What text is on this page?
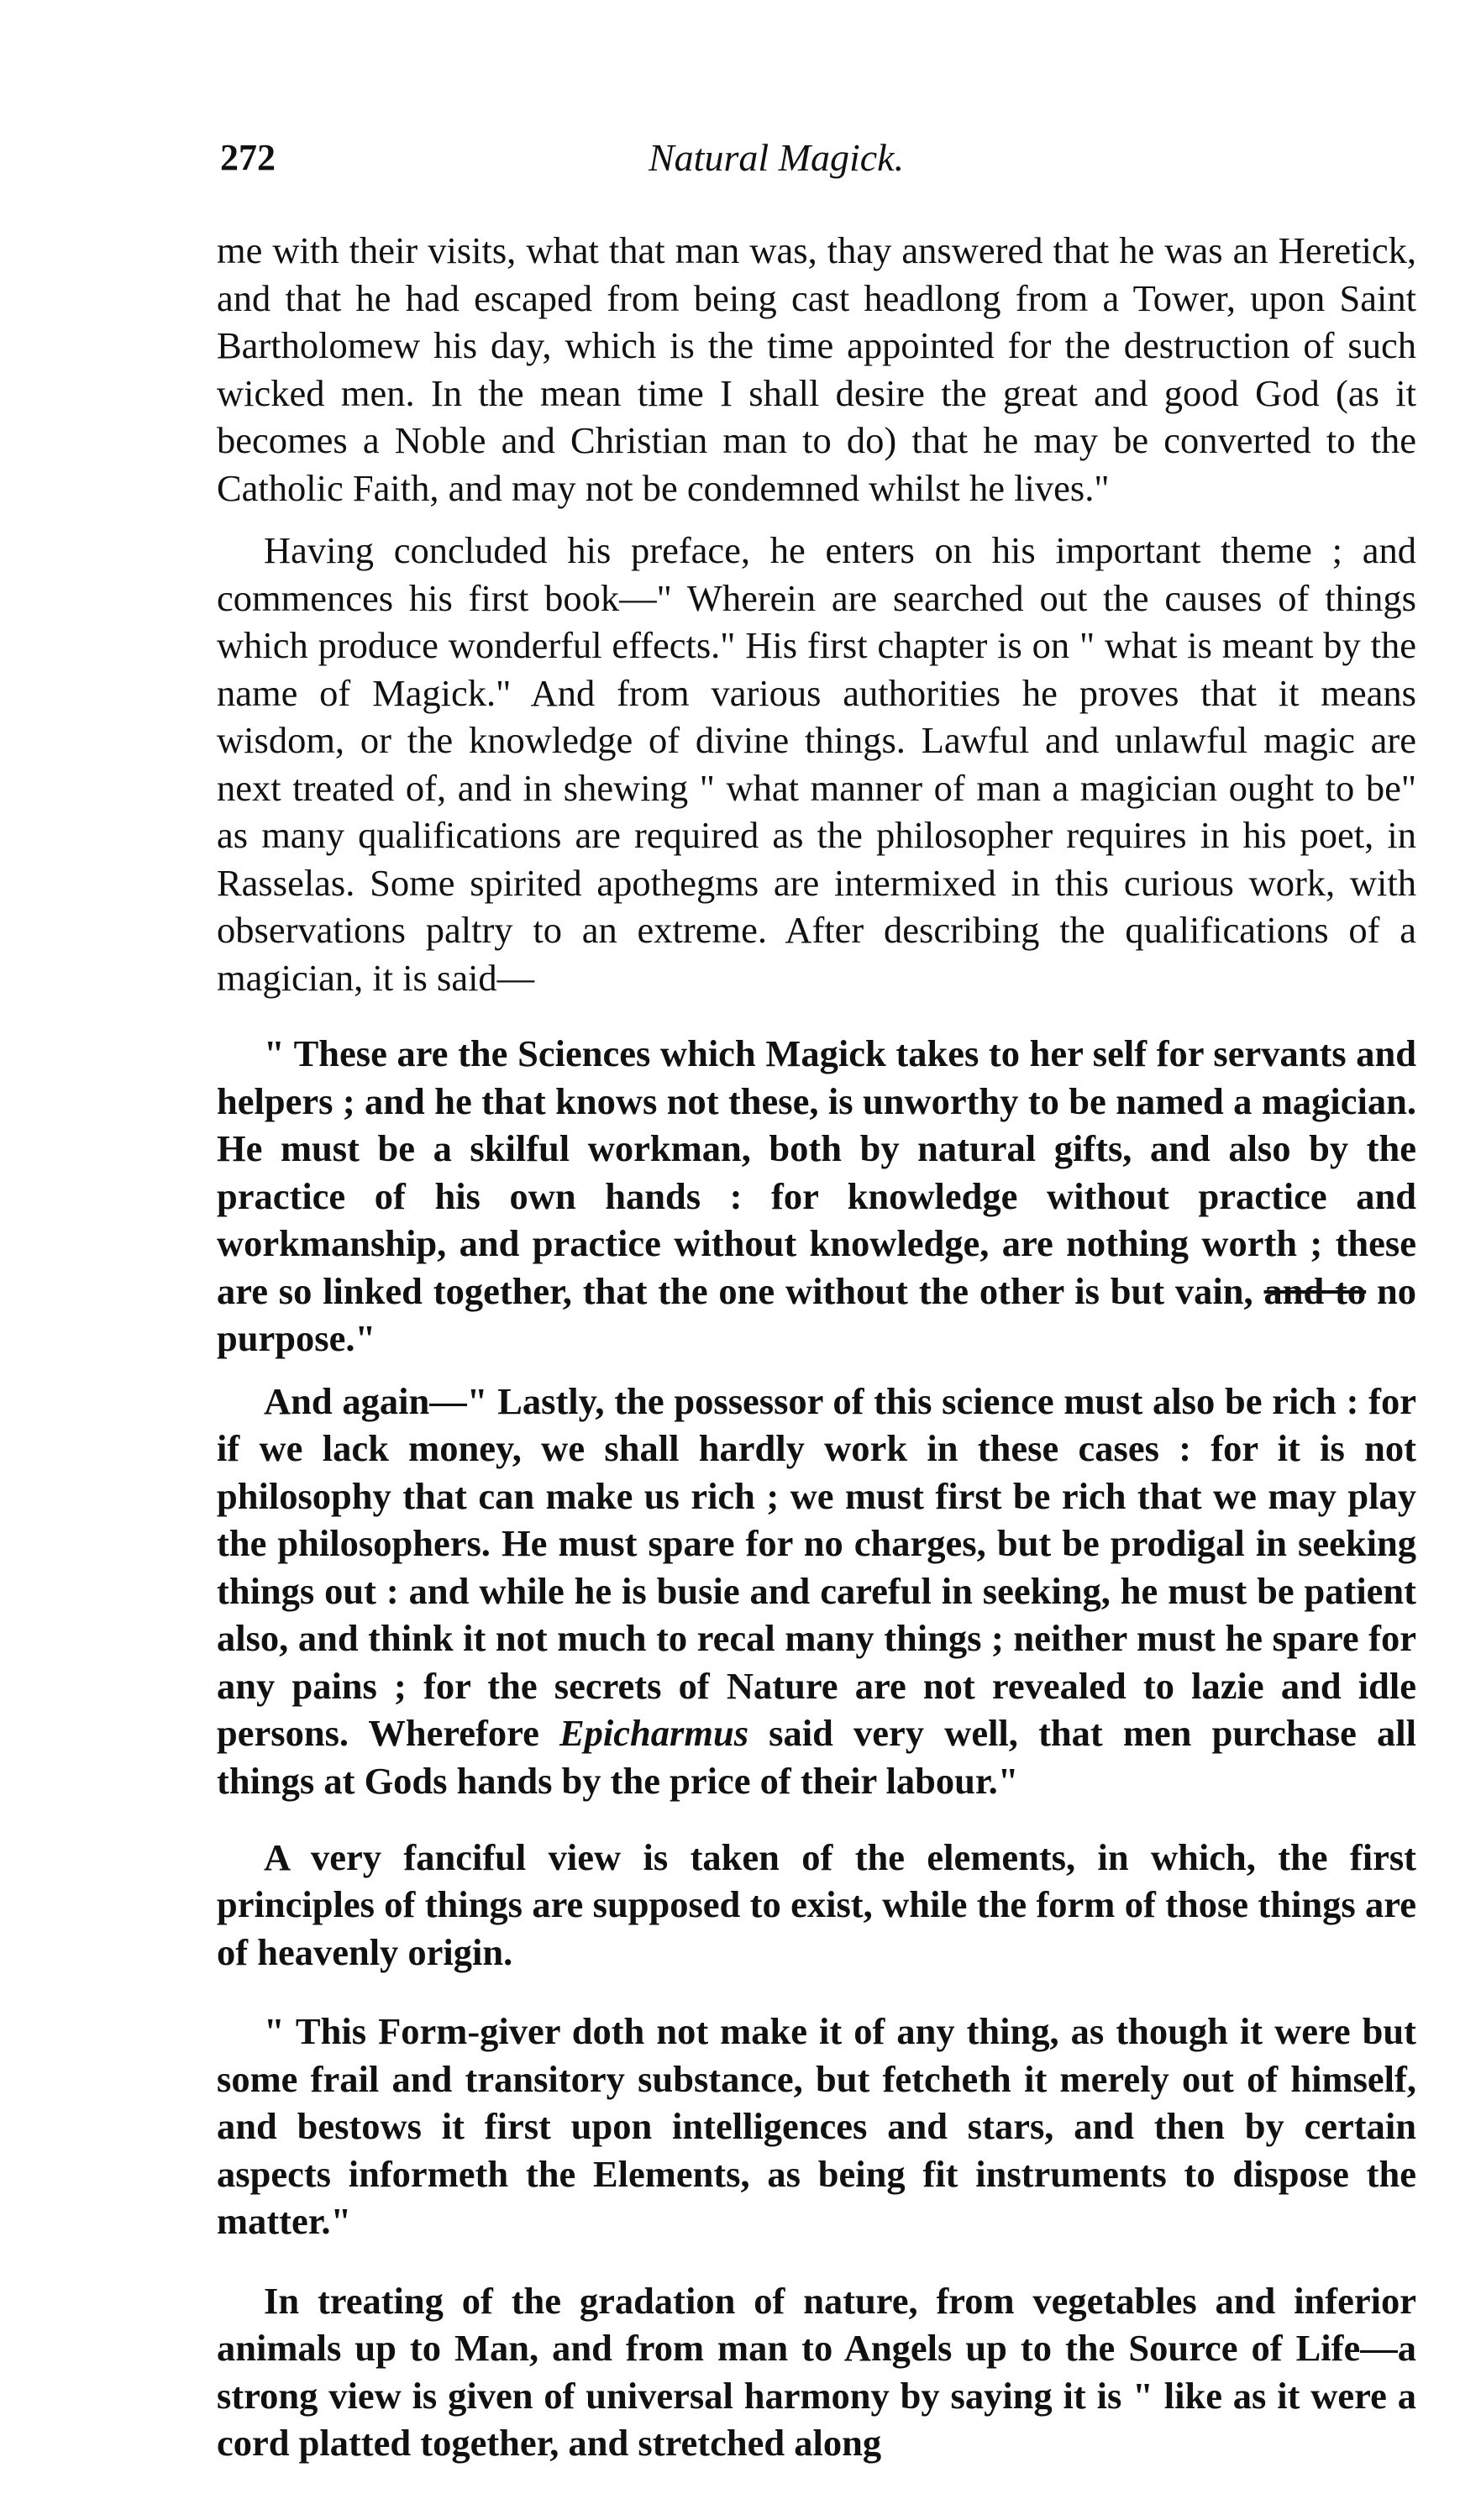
272	Natural Magick.

me with their visits, what that man was, thay answered that he was an Heretick, and that he had escaped from being cast headlong from a Tower, upon Saint Bartholomew his day, which is the time appointed for the destruction of such wicked men. In the mean time I shall desire the great and good God (as it becomes a Noble and Christian man to do) that he may be converted to the Catholic Faith, and may not be condemned whilst he lives."

Having concluded his preface, he enters on his important theme ; and commences his first book—" Wherein are searched out the causes of things which produce wonderful effects." His first chapter is on " what is meant by the name of Magick." And from various authorities he proves that it means wisdom, or the knowledge of divine things. Lawful and unlawful magic are next treated of, and in shewing " what manner of man a magician ought to be" as many qualifications are required as the philosopher requires in his poet, in Rasselas. Some spirited apothegms are intermixed in this curious work, with observations paltry to an extreme. After describing the qualifications of a magician, it is said—

" These are the Sciences which Magick takes to her self for servants and helpers ; and he that knows not these, is unworthy to be named a magician. He must be a skilful workman, both by natural gifts, and also by the practice of his own hands : for knowledge without practice and workmanship, and practice without knowledge, are nothing worth ; these are so linked together, that the one without the other is but vain, and to no purpose."

And again—" Lastly, the possessor of this science must also be rich : for if we lack money, we shall hardly work in these cases : for it is not philosophy that can make us rich ; we must first be rich that we may play the philosophers. He must spare for no charges, but be prodigal in seeking things out : and while he is busie and careful in seeking, he must be patient also, and think it not much to recal many things ; neither must he spare for any pains ; for the secrets of Nature are not revealed to lazie and idle persons. Wherefore Epicharmus said very well, that men purchase all things at Gods hands by the price of their labour."

A very fanciful view is taken of the elements, in which, the first principles of things are supposed to exist, while the form of those things are of heavenly origin.

" This Form-giver doth not make it of any thing, as though it were but some frail and transitory substance, but fetcheth it merely out of himself, and bestows it first upon intelligences and stars, and then by certain aspects informeth the Elements, as being fit instruments to dispose the matter."

In treating of the gradation of nature, from vegetables and inferior animals up to Man, and from man to Angels up to the Source of Life—a strong view is given of universal harmony by saying it is " like as it were a cord platted together, and stretched along
